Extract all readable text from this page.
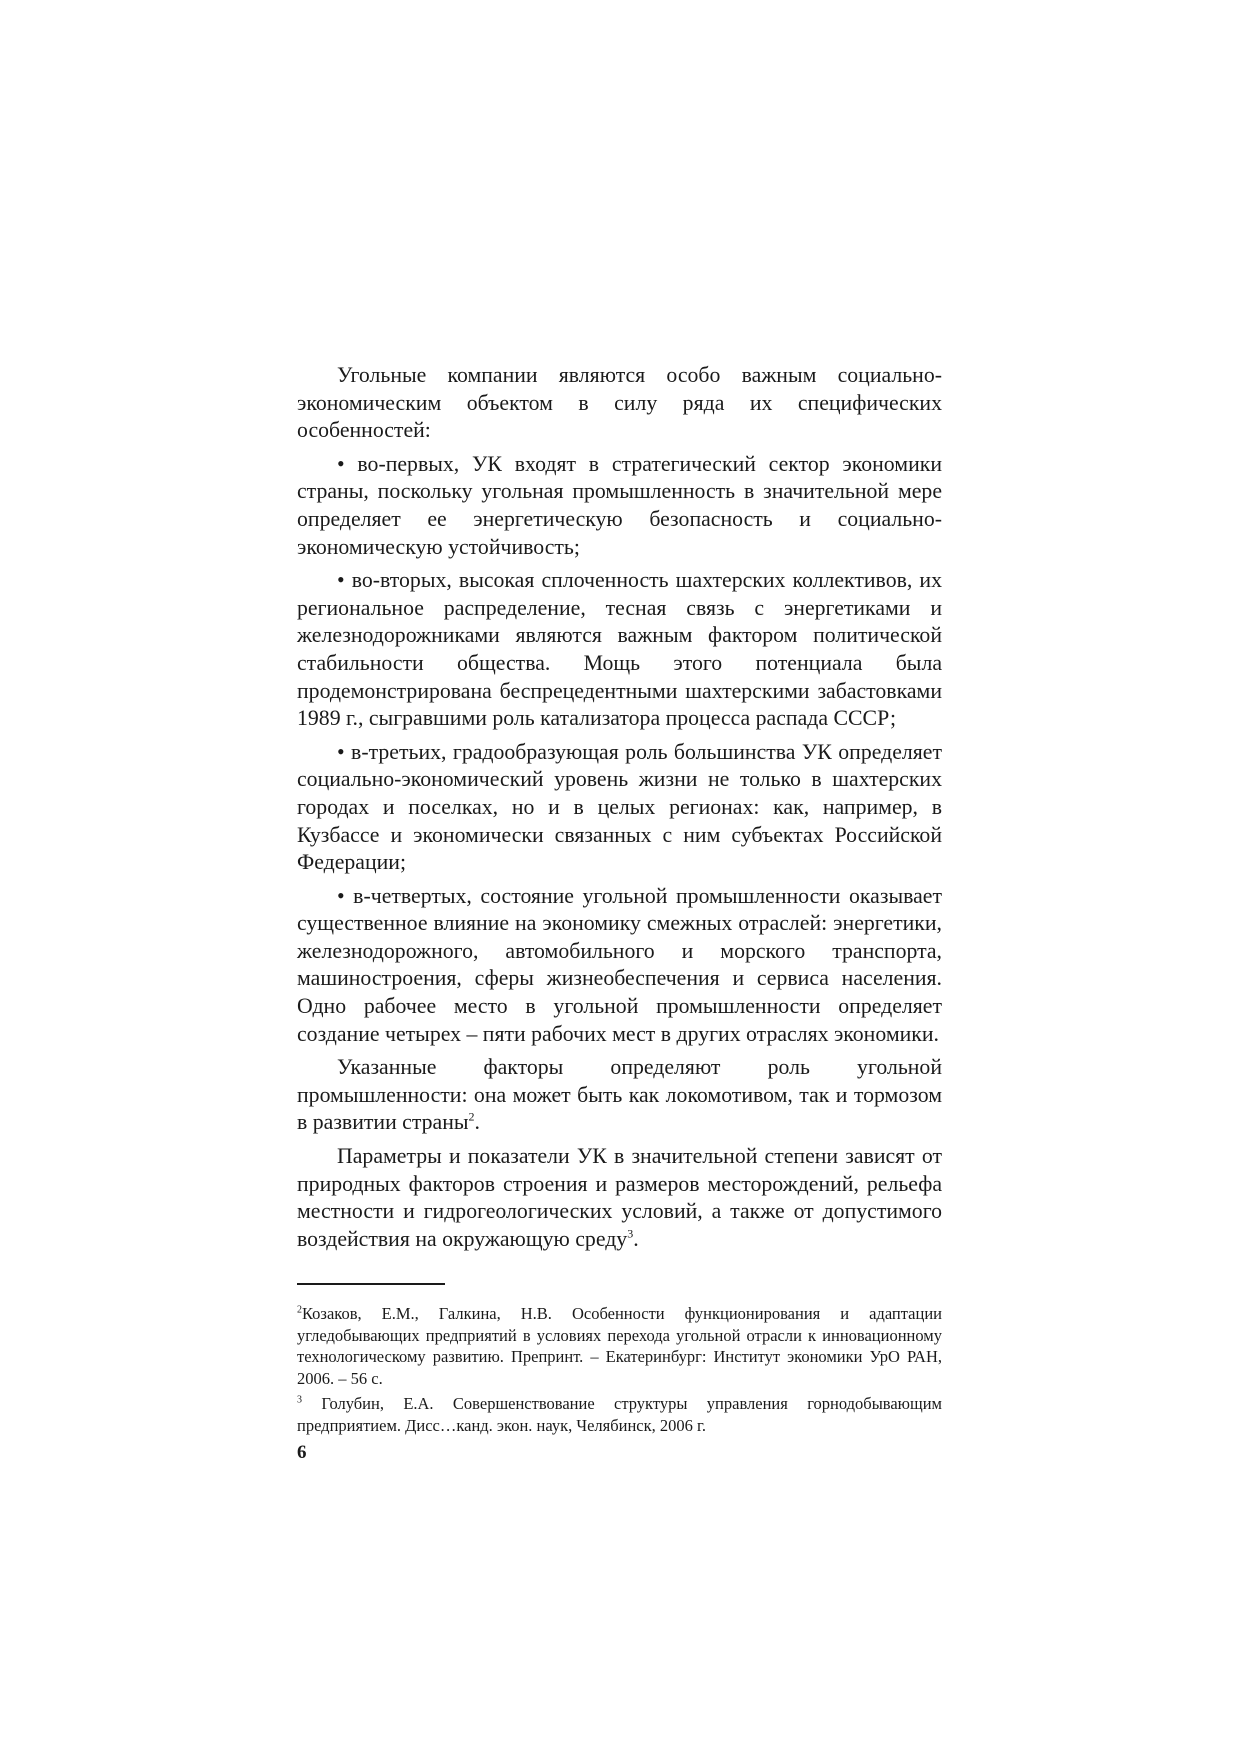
Угольные компании являются особо важным социально-экономическим объектом в силу ряда их специфических особенностей:

• во-первых, УК входят в стратегический сектор экономики страны, поскольку угольная промышленность в значительной мере определяет ее энергетическую безопасность и социально-экономическую устойчивость;

• во-вторых, высокая сплоченность шахтерских коллективов, их региональное распределение, тесная связь с энергетиками и железнодорожниками являются важным фактором политической стабильности общества. Мощь этого потенциала была продемонстрирована беспрецедентными шахтерскими забастовками 1989 г., сыгравшими роль катализатора процесса распада СССР;

• в-третьих, градообразующая роль большинства УК определяет социально-экономический уровень жизни не только в шахтерских городах и поселках, но и в целых регионах: как, например, в Кузбассе и экономически связанных с ним субъектах Российской Федерации;

• в-четвертых, состояние угольной промышленности оказывает существенное влияние на экономику смежных отраслей: энергетики, железнодорожного, автомобильного и морского транспорта, машиностроения, сферы жизнеобеспечения и сервиса населения. Одно рабочее место в угольной промышленности определяет создание четырех – пяти рабочих мест в других отраслях экономики.

Указанные факторы определяют роль угольной промышленности: она может быть как локомотивом, так и тормозом в развитии страны$^2$.

Параметры и показатели УК в значительной степени зависят от природных факторов строения и размеров месторождений, рельефа местности и гидрогеологических условий, а также от допустимого воздействия на окружающую среду$^3$.

$^2$Козаков, Е.М., Галкина, Н.В. Особенности функционирования и адаптации угледобывающих предприятий в условиях перехода угольной отрасли к инновационному технологическому развитию. Препринт. – Екатеринбург: Институт экономики УрО РАН, 2006. – 56 с.

$^3$ Голубин, Е.А. Совершенствование структуры управления горнодобывающим предприятием. Дисс…канд. экон. наук, Челябинск, 2006 г.

6
